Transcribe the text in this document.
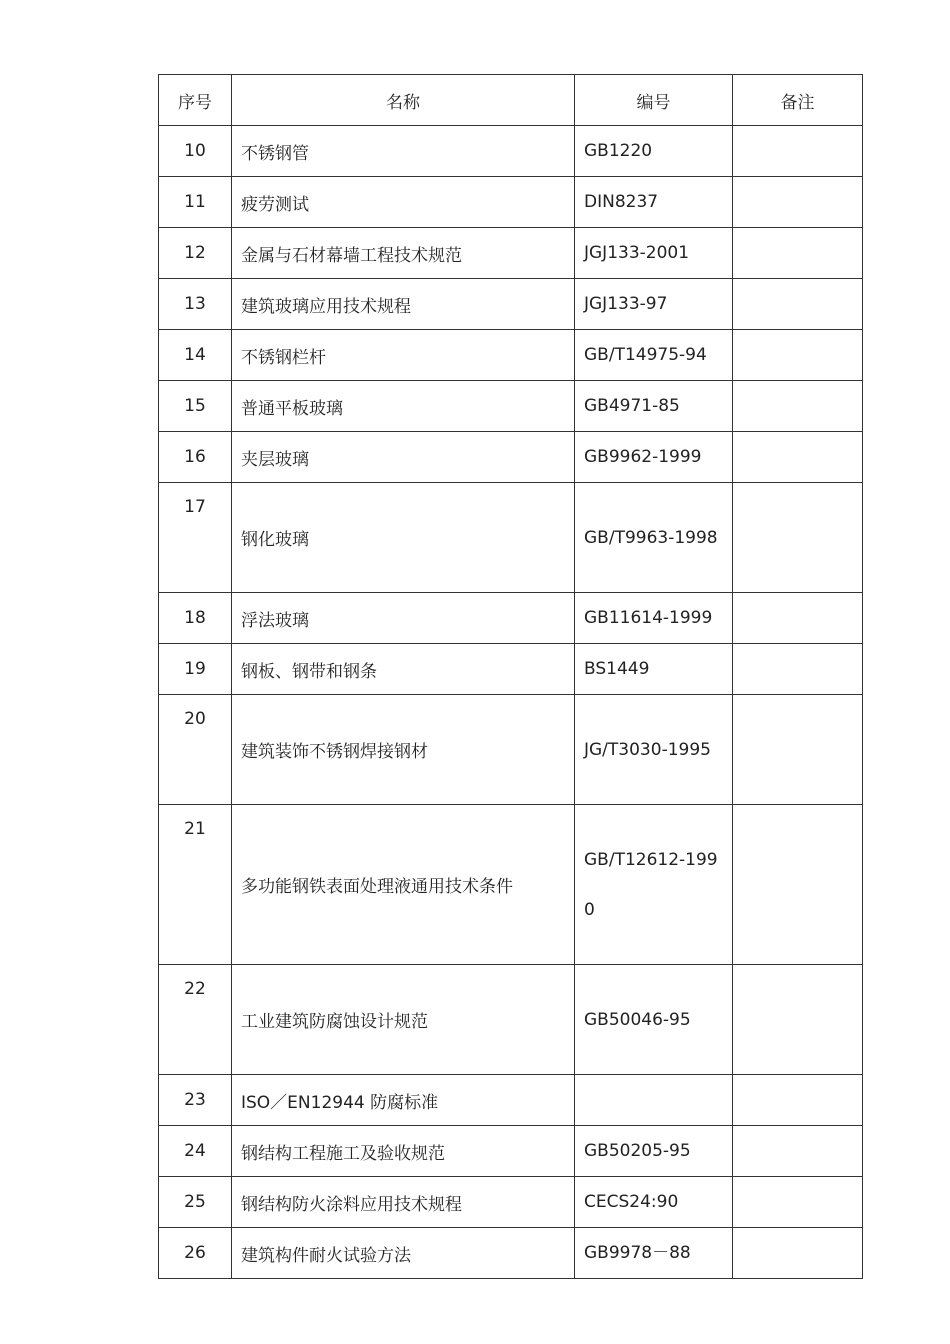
序号	名称	编号	备注
10	不锈钢管	GB1220	
11	疲劳测试	DIN8237	
12	金属与石材幕墙工程技术规范	JGJ133-2001	
13	建筑玻璃应用技术规程	JGJ133-97	
14	不锈钢栏杆	GB/T14975-94	
15	普通平板玻璃	GB4971-85	
16	夹层玻璃	GB9962-1999	
17	钢化玻璃	GB/T9963-1998	
18	浮法玻璃	GB11614-1999	
19	钢板、钢带和钢条	BS1449	
20	建筑装饰不锈钢焊接钢材	JG/T3030-1995	
21	多功能钢铁表面处理液通用技术条件	GB/T12612-1990	
22	工业建筑防腐蚀设计规范	GB50046-95	
23	ISO／EN12944 防腐标准		
24	钢结构工程施工及验收规范	GB50205-95	
25	钢结构防火涂料应用技术规程	CECS24:90	
26	建筑构件耐火试验方法	GB9978－88	
